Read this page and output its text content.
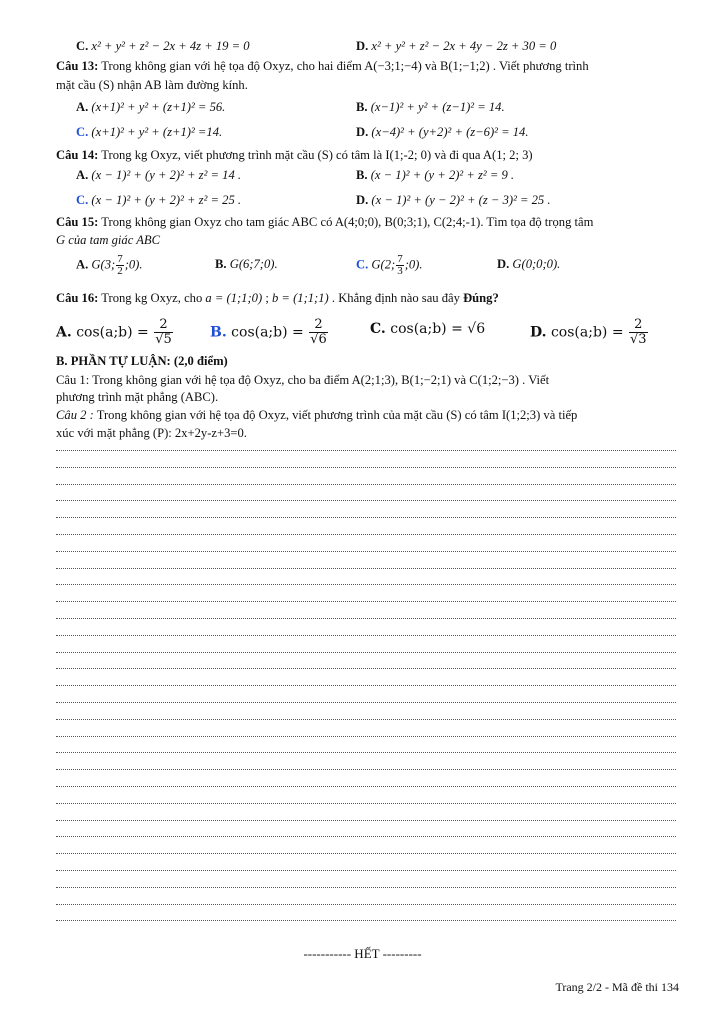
C. x² + y² + z² − 2x + 4z + 19 = 0	D. x² + y² + z² − 2x + 4y − 2z + 30 = 0
Câu 13: Trong không gian với hệ tọa độ Oxyz, cho hai điểm A(−3;1;−4) và B(1;−1;2) . Viết phương trình
mặt cầu (S) nhận AB làm đường kính.
A. (x+1)² + y² + (z+1)² = 56.	B. (x−1)² + y² + (z−1)² = 14.
C. (x+1)² + y² + (z+1)² =14.	D. (x−4)² + (y+2)² + (z−6)² = 14.
Câu 14: Trong kg Oxyz, viết phương trình mặt cầu (S) có tâm là I(1;-2; 0) và đi qua A(1; 2; 3)
A. (x − 1)² + (y + 2)² + z² = 14 .	B. (x − 1)² + (y + 2)² + z² = 9 .
C. (x − 1)² + (y + 2)² + z² = 25 .	D. (x − 1)² + (y − 2)² + (z − 3)² = 25 .
Câu 15: Trong không gian Oxyz cho tam giác ABC có A(4;0;0), B(0;3;1), C(2;4;-1). Tìm tọa độ trọng tâm
G của tam giác ABC
A. G(3; $\frac{7}{2}$ ;0).	B. G(6;7;0).	C. G(2; $\frac{7}{3}$ ;0).	D. G(0;0;0).
Câu 16: Trong kg Oxyz, cho a = (1;1;0) ; b = (1;1;1) . Khẳng định nào sau đây Đúng?
A. cos(a;b) = $\frac{2}{√5}$	B. cos(a;b) = $\frac{2}{√6}$	C. cos(a;b) = √6	D. cos(a;b) = $\frac{2}{√3}$
B. PHẦN TỰ LUẬN: (2,0 điểm)
Câu 1: Trong không gian với hệ tọa độ Oxyz, cho ba điểm A(2;1;3), B(1;−2;1) và C(1;2;−3) . Viết
phương trình mặt phẳng (ABC).
Câu 2 : Trong không gian với hệ tọa độ Oxyz, viết phương trình của mặt cầu (S) có tâm I(1;2;3) và tiếp
xúc với mặt phẳng (P): 2x+2y-z+3=0.
----------- HẾT ---------
Trang 2/2 - Mã đề thi 134
